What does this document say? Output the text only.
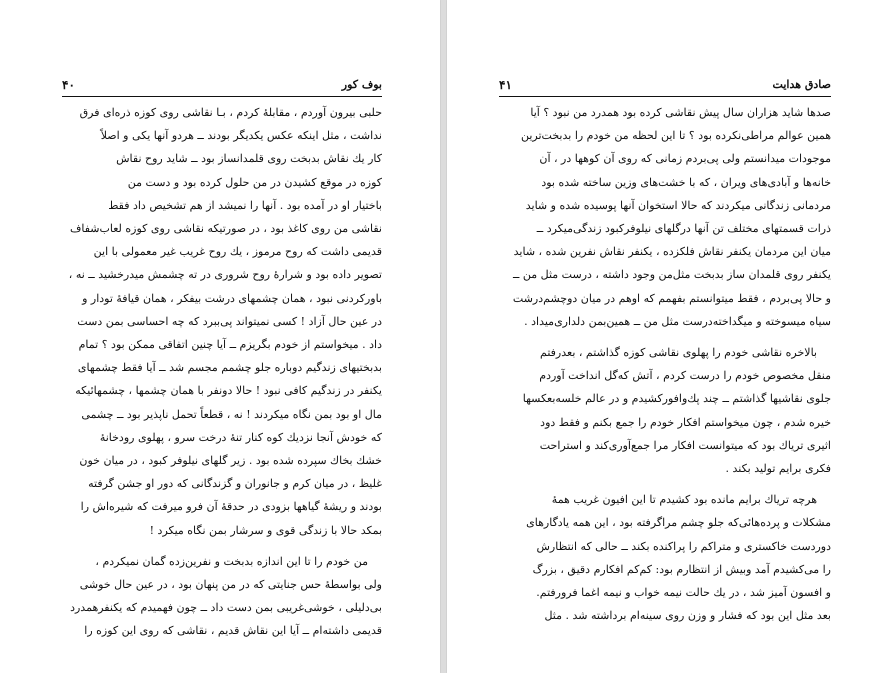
بوف کور
۴۰
حلبی بیرون آوردم ، مقابلهٔ کردم ، بـا نقاشی روی کوزه ذره‌ای فرق
نداشت ، مثل اینکه عکس یکدیگر بودند ــ هردو آنها یکی و اصلاً
کار یك نقاش بدبخت روی قلمدانساز بود ــ شاید روح نقاش
کوزه در موقع کشیدن در من حلول کرده بود و دست من
باختیار او در آمده بود . آنها را نمیشد از هم تشخیص داد فقط
نقاشی من روی کاغذ بود ، در صورتیکه نقاشی روی کوزه لعاب‌شفاف
قدیمی داشت که روح مرموز ، یك روح غریب غیر معمولی با این
تصویر داده بود و شرارهٔ روح شروری در ته چشمش میدرخشید ــ نه ،
باورکردنی نبود ، همان چشمهای درشت بیفکر ، همان قیافهٔ تودار و
در عین حال آزاد ! کسی نمیتواند پی‌ببرد که چه احساسی بمن دست
داد . میخواستم از خودم بگریزم ــ آیا چنین اتفاقی ممکن بود ؟ تمام
بدبختیهای زندگیم دوباره جلو چشمم مجسم شد ــ آیا فقط چشمهای
یکنفر در زندگیم کافی نبود ! حالا دونفر با همان چشمها ، چشمهائیکه
مال او بود بمن نگاه میکردند ! نه ، قطعاً تحمل ناپذیر بود ــ چشمی
که خودش آنجا نزدیك کوه کنار تنهٔ درخت سرو ، پهلوی رودخانهٔ
خشك بخاك سپرده شده بود . زیر گلهای نیلوفر کبود ، در میان خون
غلیظ ، در میان کرم و جانوران و گزندگانی که دور او جشن گرفته
بودند و ریشهٔ گیاهها بزودی در حدقهٔ آن فرو میرفت که شیره‌اش را
بمکد حالا با زندگی قوی و سرشار بمن نگاه میکرد !
من خودم را تا این اندازه بدبخت و نفرین‌زده گمان نمیکردم ،
ولی بواسطهٔ حس جنایتی که در من پنهان بود ، در عین حال خوشی
بی‌دلیلی ، خوشی‌غریبی بمن دست داد ــ چون فهمیدم که یکنفرهمدرد
قدیمی داشته‌ام ــ آیا این نقاش قدیم ، نقاشی که روی این کوزه را
صادق هدایت
۴۱
صدها شاید هزاران سال پیش نقاشی کرده بود همدرد من نبود ؟ آیا
همین عوالم مراطی‌نکرده بود ؟ تا این لحظه من خودم را بدبخت‌ترین
موجودات میدانستم ولی پی‌بردم زمانی که روی آن کوهها در ، آن
خانه‌ها و آبادی‌های ویران ، که با خشت‌های وزین ساخته شده بود
مردمانی زندگانی میکردند که حالا استخوان آنها پوسیده شده و شاید
ذرات قسمتهای مختلف تن آنها درگلهای نیلوفرکبود زندگی‌میکرد ــ
میان این مردمان یکنفر نقاش فلکزده ، یکنفر نقاش نفرین شده ، شاید
یکنفر روی قلمدان ساز بدبخت مثل‌من وجود داشته ، درست مثل من ــ
و حالا پی‌بردم ، فقط میتوانستم بفهمم که اوهم در میان دوچشم‌درشت
سیاه میسوخته و میگداخته‌درست مثل من ــ همین‌بمن دلداری‌میداد .
بالاخره نقاشی خودم را پهلوی نقاشی کوزه گذاشتم ، بعدرفتم
منقل مخصوص خودم را درست کردم ، آتش که‌گل انداخت آوردم
جلوی نقاشیها گذاشتم ــ چند پك‌وافورکشیدم و در عالم خلسه‌بعکسها
خیره شدم ، چون میخواستم افکار خودم را جمع بکنم و فقط دود
اثیری تریاك بود که میتوانست افکار مرا جمع‌آوری‌کند و استراحت
فکری برایم تولید بکند .
هرچه تریاك برایم مانده بود کشیدم تا این افیون غریب همهٔ
مشکلات و پرده‌هائی‌که جلو چشم مراگرفته بود ، این همه یادگارهای
دوردست خاکستری و متراکم را پراکنده بکند ــ حالی که انتظارش
را می‌کشیدم آمد وبیش از انتظارم بود: کم‌کم افکارم دقیق ، بزرگ
و افسون آمیز شد ، در یك حالت نیمه خواب و نیمه اغما فرورفتم.
بعد مثل این بود که فشار و وزن روی سینه‌ام برداشته شد . مثل
